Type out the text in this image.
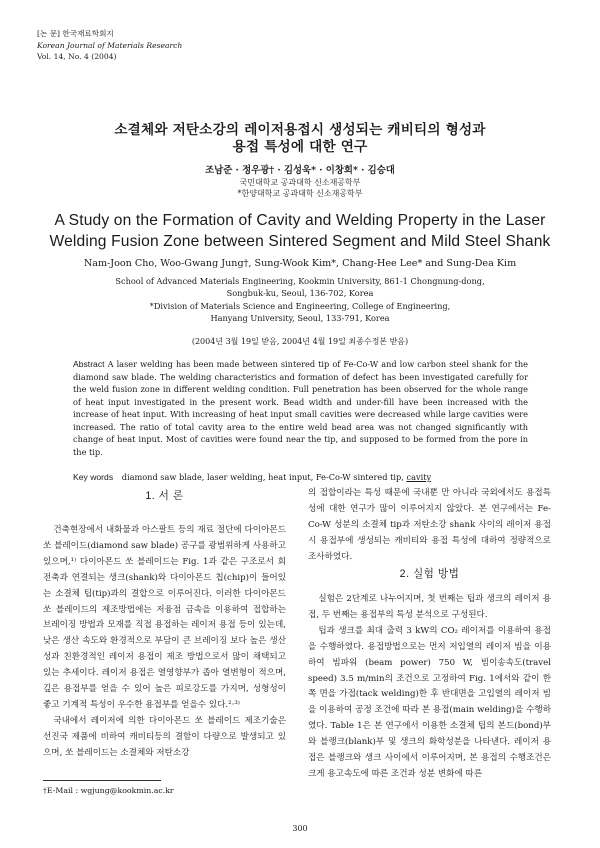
[논 문] 한국재료학회지
Korean Journal of Materials Research
Vol. 14, No. 4 (2004)
소결체와 저탄소강의 레이저용접시 생성되는 캐비티의 형성과
용접 특성에 대한 연구
조남준 · 정우광† · 김성욱* · 이창희* · 김승대
국민대학교 공과대학 신소재공학부
*한양대학교 공과대학 신소재공학부
A Study on the Formation of Cavity and Welding Property in the Laser
Welding Fusion Zone between Sintered Segment and Mild Steel Shank
Nam-Joon Cho, Woo-Gwang Jung†, Sung-Wook Kim*, Chang-Hee Lee* and Sung-Dea Kim
School of Advanced Materials Engineering, Kookmin University, 861-1 Chongnung-dong,
Songbuk-ku, Seoul, 136-702, Korea
*Division of Materials Science and Engineering, College of Engineering,
Hanyang University, Seoul, 133-791, Korea
(2004년 3월 19일 받음, 2004년 4월 19일 최종수정본 받음)
Abstract A laser welding has been made between sintered tip of Fe-Co-W and low carbon steel shank for the diamond saw blade. The welding characteristics and formation of defect has been investigated carefully for the weld fusion zone in different welding condition. Full penetration has been observed for the whole range of heat input investigated in the present work. Bead width and under-fill have been increased with the increase of heat input. With increasing of heat input small cavities were decreased while large cavities were increased. The ratio of total cavity area to the entire weld bead area was not changed significantly with change of heat input. Most of cavities were found near the tip, and supposed to be formed from the pore in the tip.
Key words diamond saw blade, laser welding, heat input, Fe-Co-W sintered tip, cavity
1. 서 론
건축현장에서 내화물과 아스팔트 등의 재료 절단에 다이아몬드 쏘 블레이드(diamond saw blade) 공구를 광범위하게 사용하고 있으며,¹⁾ 다이아몬드 쏘 블레이드는 Fig. 1과 같은 구조로서 회전축과 연결되는 생크(shank)와 다이아몬드 칩(chip)이 들어있는 소결체 팁(tip)과의 결합으로 이루어진다. 이러한 다이아몬드 쏘 블레이드의 제조방법에는 저융점 금속을 이용하여 접합하는 브레이징 방법과 모재를 직접 용접하는 레이저 용접 등이 있는데, 낮은 생산 속도와 환경적으로 부담이 큰 브레이징 보다 높은 생산성과 친환경적인 레이저 용접이 제조 방법으로서 많이 채택되고 있는 추세이다. 레이저 용접은 열영향부가 좁아 열변형이 적으며, 깊은 용접부를 얻을 수 있어 높은 피로강도를 가지며, 성형성이 좋고 기계적 특성이 우수한 용접부를 얻을수 있다.²·³⁾
국내에서 레이저에 의한 다이아몬드 쏘 블레이드 제조기술은 선진국 제품에 비하여 캐비티등의 결함이 다량으로 발생되고 있으며, 쏘 블레이드는 소결체와 저탄소강
의 접합이라는 특성 때문에 국내뿐 만 아니라 국외에서도 용접특성에 대한 연구가 많이 이루어지지 않았다. 본 연구에서는 Fe-Co-W 성분의 소결체 tip과 저탄소강 shank 사이의 레이저 용접시 용접부에 생성되는 캐비티와 용접 특성에 대하여 정량적으로 조사하였다.
2. 실험 방법
실험은 2단계로 나누어지며, 첫 번째는 팁과 생크의 레이저 용접, 두 번째는 용접부의 특성 분석으로 구성된다.
팁과 생크를 최대 출력 3 kW의 CO₂ 레이저를 이용하여 용접을 수행하였다. 용접방법으로는 먼저 저입열의 레이저 빔을 이용하여 빔파워 (beam power) 750 W, 빔이송속도(travel speed) 3.5 m/min의 조건으로 고정하여 Fig. 1에서와 같이 한쪽 면을 가접(tack welding)한 후 반대면을 고입열의 레이저 빔을 이용하여 공정 조건에 따라 본 용접(main welding)을 수행하였다. Table 1은 본 연구에서 이용한 소결체 팁의 본드(bond)부와 블랭크(blank)부 및 생크의 화학성분을 나타낸다. 레이저 용접은 블랭크와 생크 사이에서 이루어지며, 본 용접의 수행조건은 크게 용고속도에 따른 조건과 성분 변화에 따른
†E-Mail : wgjung@kookmin.ac.kr
300
